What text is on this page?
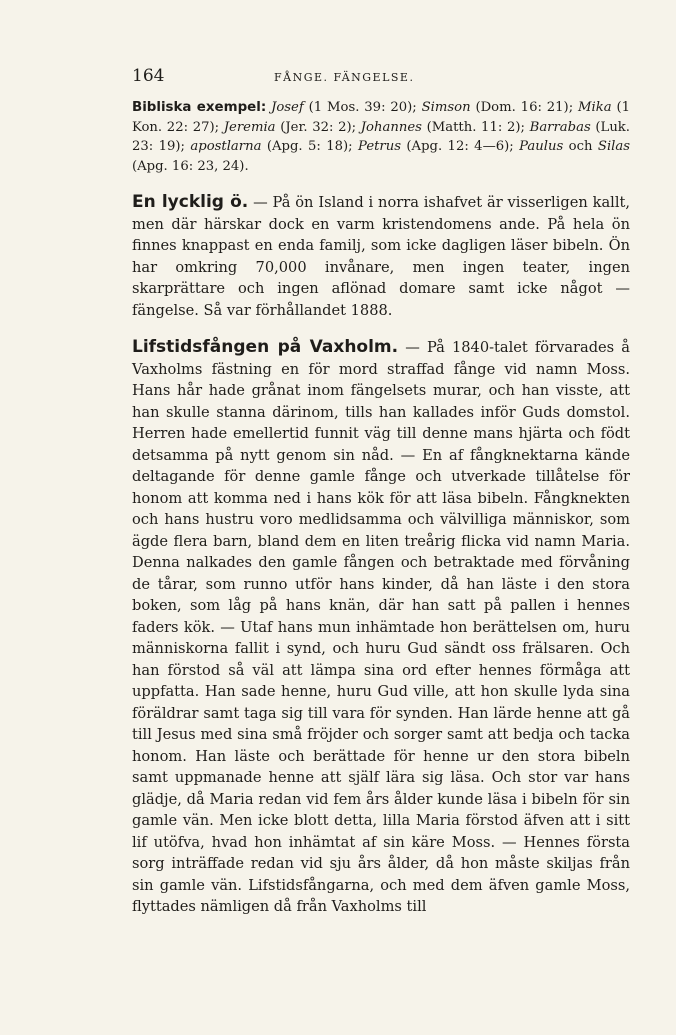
164	FÅNGE. FÄNGELSE.

Bibliska exempel: Josef (1 Mos. 39: 20); Simson (Dom. 16: 21); Mika (1 Kon. 22: 27); Jeremia (Jer. 32: 2); Johannes (Matth. 11: 2); Barrabas (Luk. 23: 19); apostlarna (Apg. 5: 18); Petrus (Apg. 12: 4—6); Paulus och Silas (Apg. 16: 23, 24).

En lycklig ö. — På ön Island i norra ishafvet är visserligen kallt, men där härskar dock en varm kristendomens ande. På hela ön finnes knappast en enda familj, som icke dagligen läser bibeln. Ön har omkring 70,000 invånare, men ingen teater, ingen skarprättare och ingen aflönad domare samt icke något — fängelse. Så var förhållandet 1888.

Lifstidsfången på Vaxholm. — På 1840-talet förvarades å Vaxholms fästning en för mord straffad fånge vid namn Moss. Hans hår hade grånat inom fängelsets murar, och han visste, att han skulle stanna därinom, tills han kallades inför Guds domstol. Herren hade emellertid funnit väg till denne mans hjärta och födt detsamma på nytt genom sin nåd. — En af fångknektarna kände deltagande för denne gamle fånge och utverkade tillåtelse för honom att komma ned i hans kök för att läsa bibeln. Fångknekten och hans hustru voro medlidsamma och välvilliga människor, som ägde flera barn, bland dem en liten treårig flicka vid namn Maria. Denna nalkades den gamle fången och betraktade med förvåning de tårar, som runno utför hans kinder, då han läste i den stora boken, som låg på hans knän, där han satt på pallen i hennes faders kök. — Utaf hans mun inhämtade hon berättelsen om, huru människorna fallit i synd, och huru Gud sändt oss frälsaren. Och han förstod så väl att lämpa sina ord efter hennes förmåga att uppfatta. Han sade henne, huru Gud ville, att hon skulle lyda sina föräldrar samt taga sig till vara för synden. Han lärde henne att gå till Jesus med sina små fröjder och sorger samt att bedja och tacka honom. Han läste och berättade för henne ur den stora bibeln samt uppmanade henne att själf lära sig läsa. Och stor var hans glädje, då Maria redan vid fem års ålder kunde läsa i bibeln för sin gamle vän. Men icke blott detta, lilla Maria förstod äfven att i sitt lif utöfva, hvad hon inhämtat af sin käre Moss. — Hennes första sorg inträffade redan vid sju års ålder, då hon måste skiljas från sin gamle vän. Lifstidsfångarna, och med dem äfven gamle Moss, flyttades nämligen då från Vaxholms till
